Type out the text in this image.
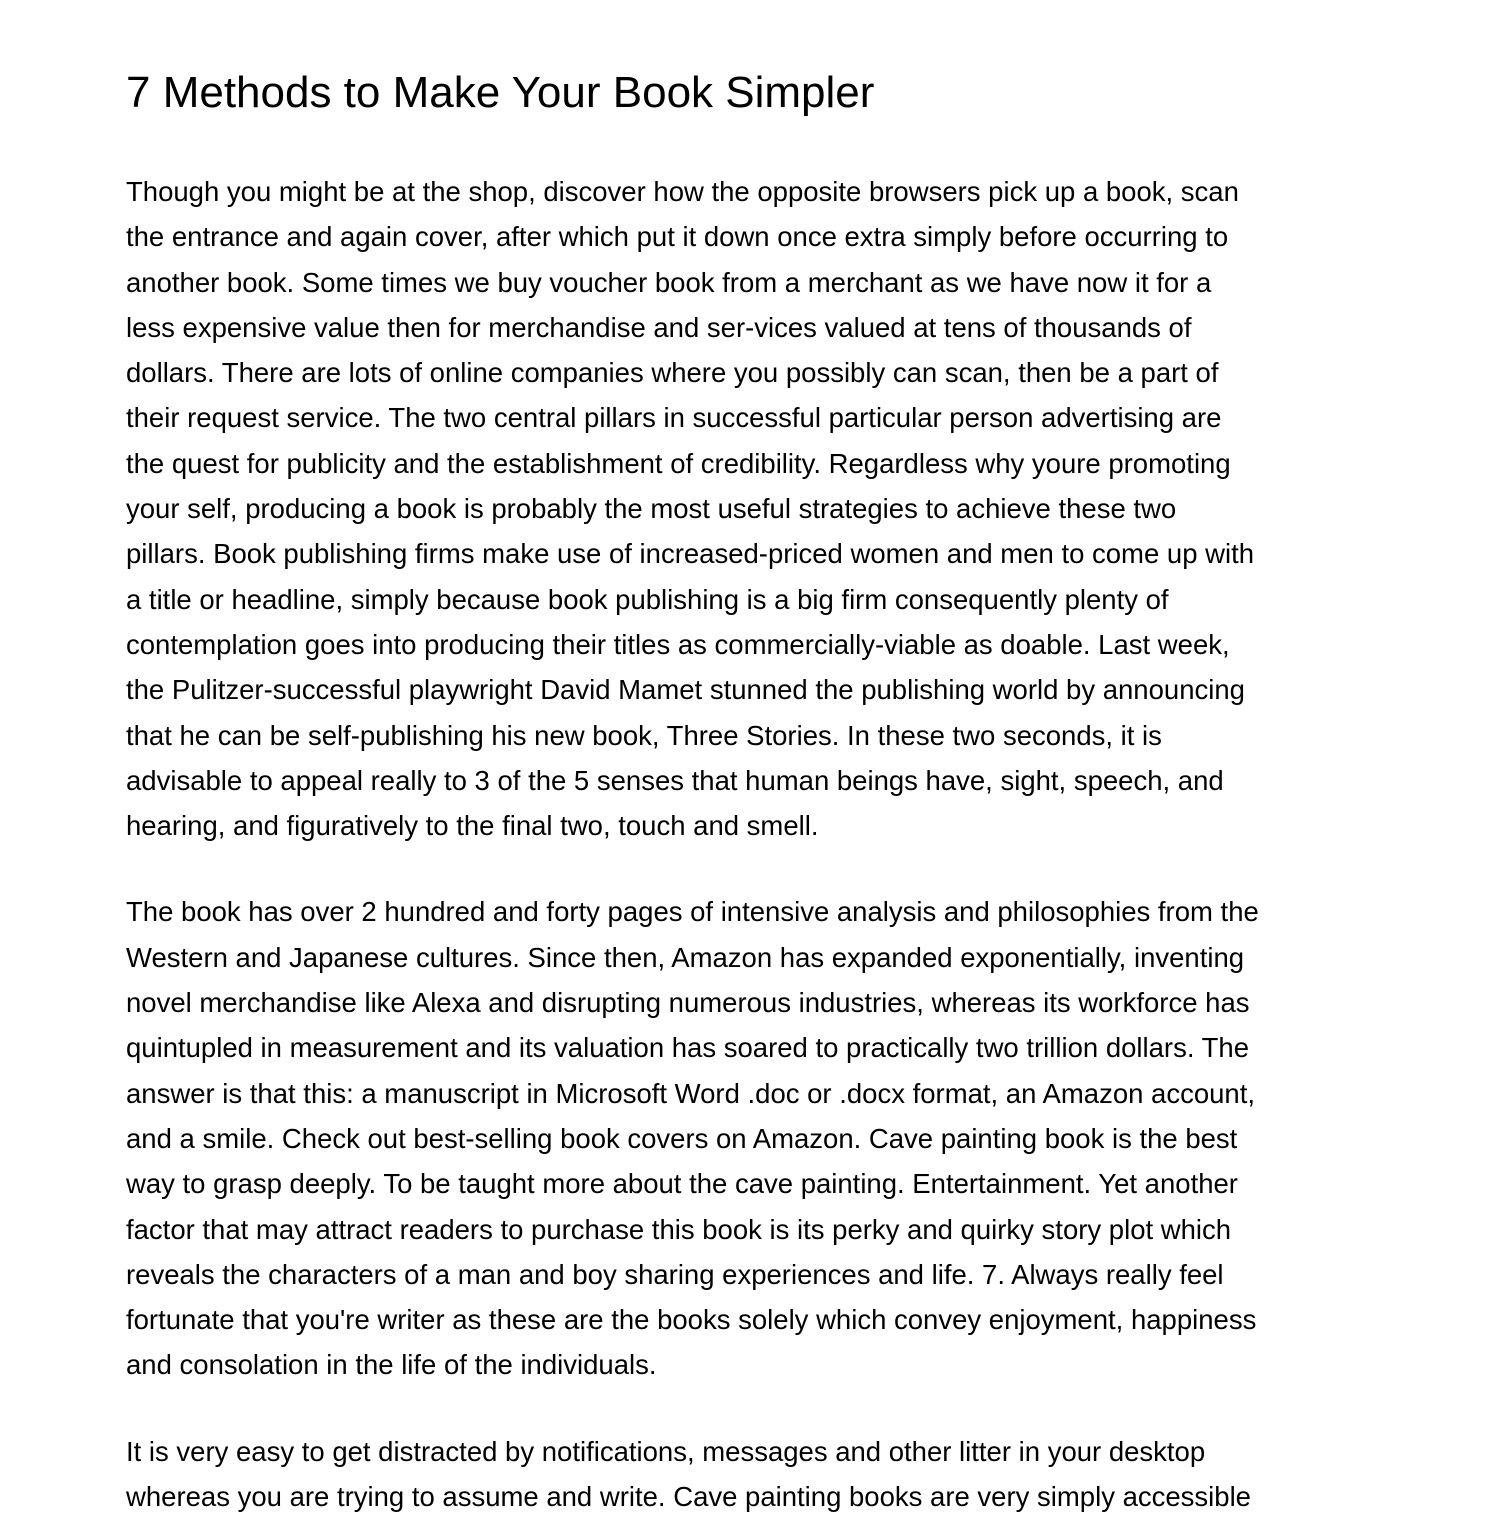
7 Methods to Make Your Book Simpler

Though you might be at the shop, discover how the opposite browsers pick up a book, scan
the entrance and again cover, after which put it down once extra simply before occurring to
another book. Some times we buy voucher book from a merchant as we have now it for a
less expensive value then for merchandise and ser-vices valued at tens of thousands of
dollars. There are lots of online companies where you possibly can scan, then be a part of
their request service. The two central pillars in successful particular person advertising are
the quest for publicity and the establishment of credibility. Regardless why youre promoting
your self, producing a book is probably the most useful strategies to achieve these two
pillars. Book publishing firms make use of increased-priced women and men to come up with
a title or headline, simply because book publishing is a big firm consequently plenty of
contemplation goes into producing their titles as commercially-viable as doable. Last week,
the Pulitzer-successful playwright David Mamet stunned the publishing world by announcing
that he can be self-publishing his new book, Three Stories. In these two seconds, it is
advisable to appeal really to 3 of the 5 senses that human beings have, sight, speech, and
hearing, and figuratively to the final two, touch and smell.

The book has over 2 hundred and forty pages of intensive analysis and philosophies from the
Western and Japanese cultures. Since then, Amazon has expanded exponentially, inventing
novel merchandise like Alexa and disrupting numerous industries, whereas its workforce has
quintupled in measurement and its valuation has soared to practically two trillion dollars. The
answer is that this: a manuscript in Microsoft Word .doc or .docx format, an Amazon account,
and a smile. Check out best-selling book covers on Amazon. Cave painting book is the best
way to grasp deeply. To be taught more about the cave painting. Entertainment. Yet another
factor that may attract readers to purchase this book is its perky and quirky story plot which
reveals the characters of a man and boy sharing experiences and life. 7. Always really feel
fortunate that you're writer as these are the books solely which convey enjoyment, happiness
and consolation in the life of the individuals.

It is very easy to get distracted by notifications, messages and other litter in your desktop
whereas you are trying to assume and write. Cave painting books are very simply accessible
